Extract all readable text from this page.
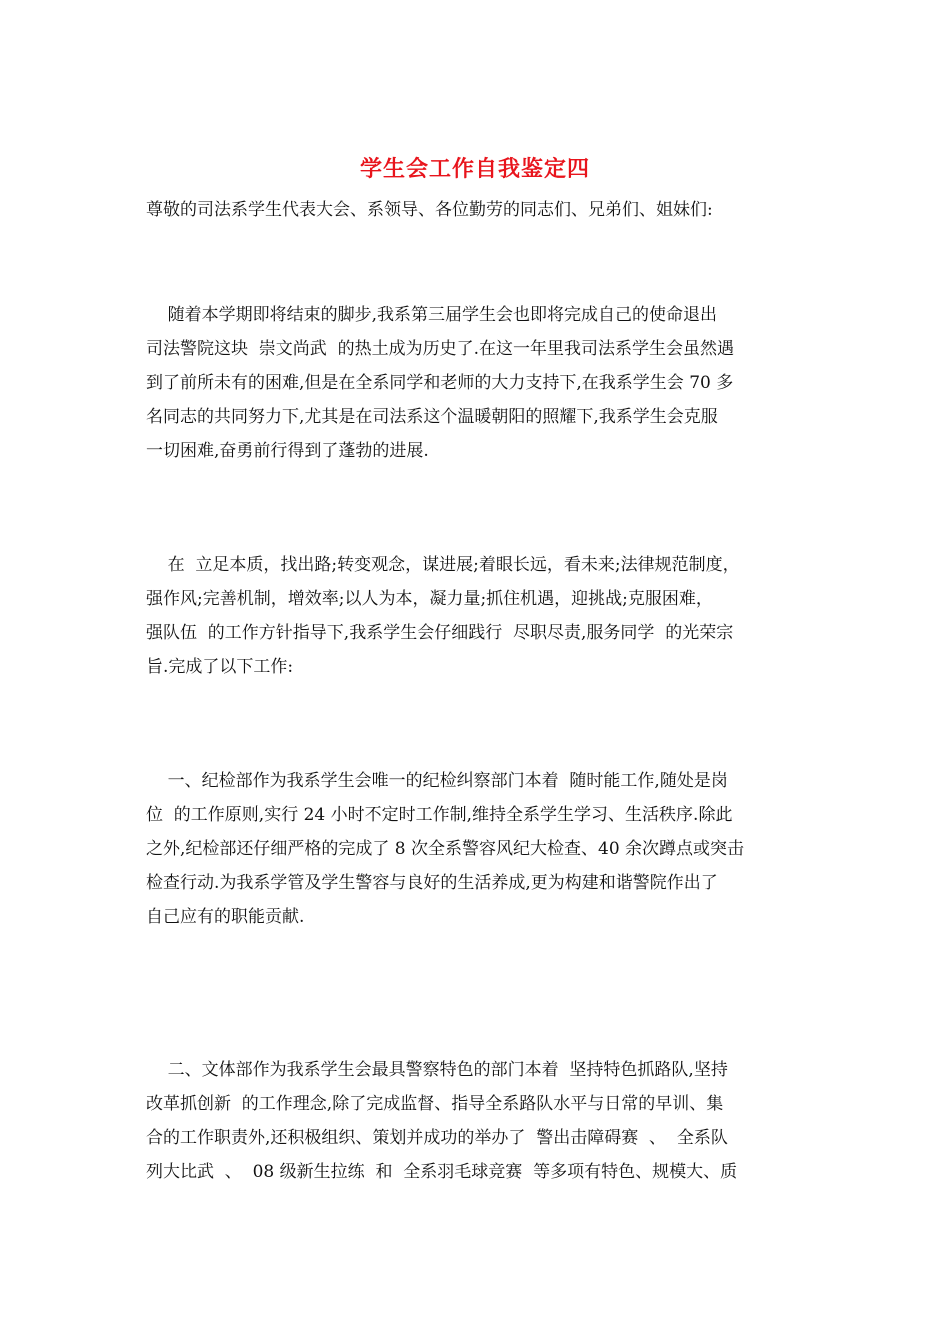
学生会工作自我鉴定四
尊敬的司法系学生代表大会、系领导、各位勤劳的同志们、兄弟们、姐妹们:
随着本学期即将结束的脚步,我系第三届学生会也即将完成自己的使命退出
司法警院这块  崇文尚武  的热土成为历史了.在这一年里我司法系学生会虽然遇
到了前所未有的困难,但是在全系同学和老师的大力支持下,在我系学生会 70 多
名同志的共同努力下,尤其是在司法系这个温暖朝阳的照耀下,我系学生会克服
一切困难,奋勇前行得到了蓬勃的进展.
在  立足本质，找出路;转变观念，谋进展;着眼长远，看未来;法律规范制度，
强作风;完善机制，增效率;以人为本，凝力量;抓住机遇，迎挑战;克服困难，
强队伍  的工作方针指导下,我系学生会仔细践行  尽职尽责,服务同学  的光荣宗
旨.完成了以下工作:
一、纪检部作为我系学生会唯一的纪检纠察部门本着  随时能工作,随处是岗
位  的工作原则,实行 24 小时不定时工作制,维持全系学生学习、生活秩序.除此
之外,纪检部还仔细严格的完成了 8 次全系警容风纪大检查、40 余次蹲点或突击
检查行动.为我系学管及学生警容与良好的生活养成,更为构建和谐警院作出了
自己应有的职能贡献.
二、文体部作为我系学生会最具警察特色的部门本着  坚持特色抓路队,坚持
改革抓创新  的工作理念,除了完成监督、指导全系路队水平与日常的早训、集
合的工作职责外,还积极组织、策划并成功的举办了  警出击障碍赛  、  全系队
列大比武  、  08 级新生拉练  和  全系羽毛球竞赛  等多项有特色、规模大、质
